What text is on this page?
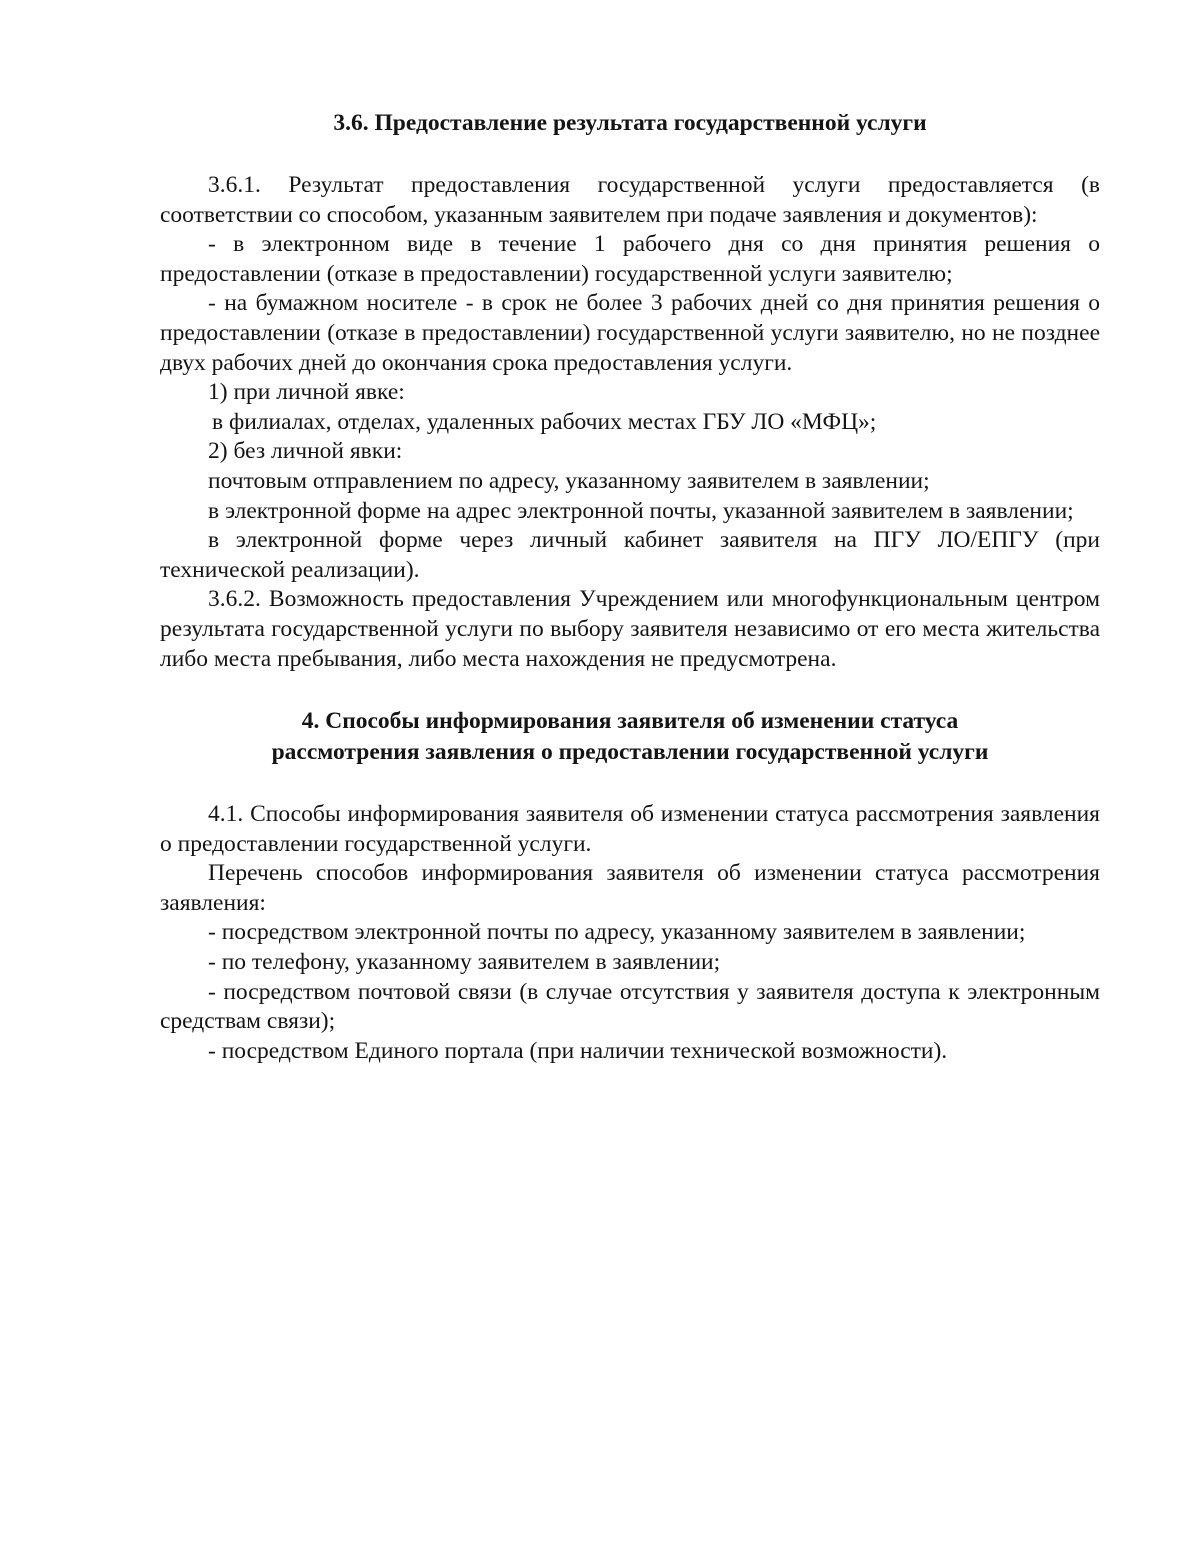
3.6. Предоставление результата государственной услуги

3.6.1. Результат предоставления государственной услуги предоставляется (в соответствии со способом, указанным заявителем при подаче заявления и документов):

- в электронном виде в течение 1 рабочего дня со дня принятия решения о предоставлении (отказе в предоставлении) государственной услуги заявителю;

- на бумажном носителе - в срок не более 3 рабочих дней со дня принятия решения о предоставлении (отказе в предоставлении) государственной услуги заявителю, но не позднее двух рабочих дней до окончания срока предоставления услуги.

1) при личной явке:

в филиалах, отделах, удаленных рабочих местах ГБУ ЛО «МФЦ»;

2) без личной явки:

почтовым отправлением по адресу, указанному заявителем в заявлении;

в электронной форме на адрес электронной почты, указанной заявителем в заявлении;

в электронной форме через личный кабинет заявителя на ПГУ ЛО/ЕПГУ (при технической реализации).

3.6.2. Возможность предоставления Учреждением или многофункциональным центром результата государственной услуги по выбору заявителя независимо от его места жительства либо места пребывания, либо места нахождения не предусмотрена.

4. Способы информирования заявителя об изменении статуса
рассмотрения заявления о предоставлении государственной услуги

4.1. Способы информирования заявителя об изменении статуса рассмотрения заявления о предоставлении государственной услуги.

Перечень способов информирования заявителя об изменении статуса рассмотрения заявления:

- посредством электронной почты по адресу, указанному заявителем в заявлении;

- по телефону, указанному заявителем в заявлении;

- посредством почтовой связи (в случае отсутствия у заявителя доступа к электронным средствам связи);

- посредством Единого портала (при наличии технической возможности).
